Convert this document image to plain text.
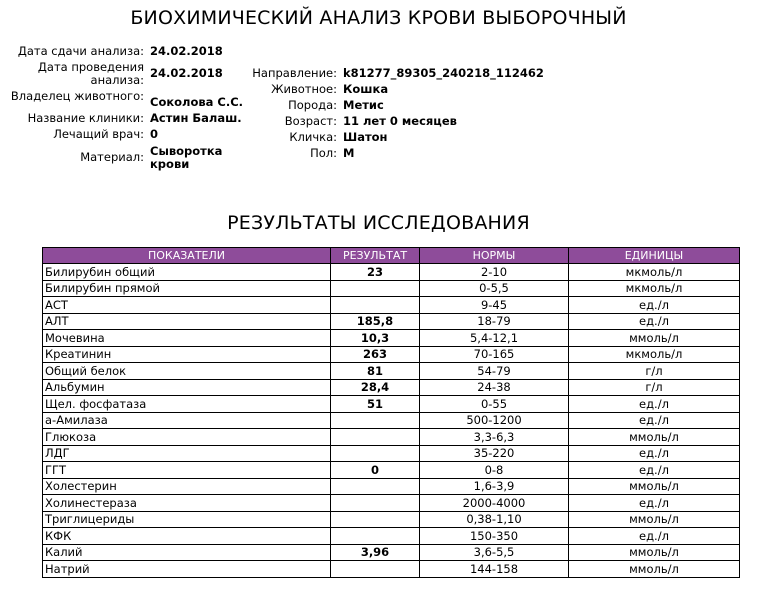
БИОХИМИЧЕСКИЙ АНАЛИЗ КРОВИ ВЫБОРОЧНЫЙ
Дата сдачи анализа: 24.02.2018
Дата проведения анализа: 24.02.2018
Владелец животного: Соколова С.С.
Название клиники: Астин Балаш.
Лечащий врач: 0
Материал: Сыворотка крови
Направление: k81277_89305_240218_112462
Животное: Кошка
Порода: Метис
Возраст: 11 лет 0 месяцев
Кличка: Шатон
Пол: М
РЕЗУЛЬТАТЫ ИССЛЕДОВАНИЯ
ПОКАЗАТЕЛИ	РЕЗУЛЬТАТ	НОРМЫ	ЕДИНИЦЫ
Билирубин общий	23	2-10	мкмоль/л
Билирубин прямой		0-5,5	мкмоль/л
АСТ		9-45	ед./л
АЛТ	185,8	18-79	ед./л
Мочевина	10,3	5,4-12,1	ммоль/л
Креатинин	263	70-165	мкмоль/л
Общий белок	81	54-79	г/л
Альбумин	28,4	24-38	г/л
Щел. фосфатаза	51	0-55	ед./л
а-Амилаза		500-1200	ед./л
Глюкоза		3,3-6,3	ммоль/л
ЛДГ		35-220	ед./л
ГГТ	0	0-8	ед./л
Холестерин		1,6-3,9	ммоль/л
Холинестераза		2000-4000	ед./л
Триглицериды		0,38-1,10	ммоль/л
КФК		150-350	ед./л
Калий	3,96	3,6-5,5	ммоль/л
Натрий		144-158	ммоль/л
